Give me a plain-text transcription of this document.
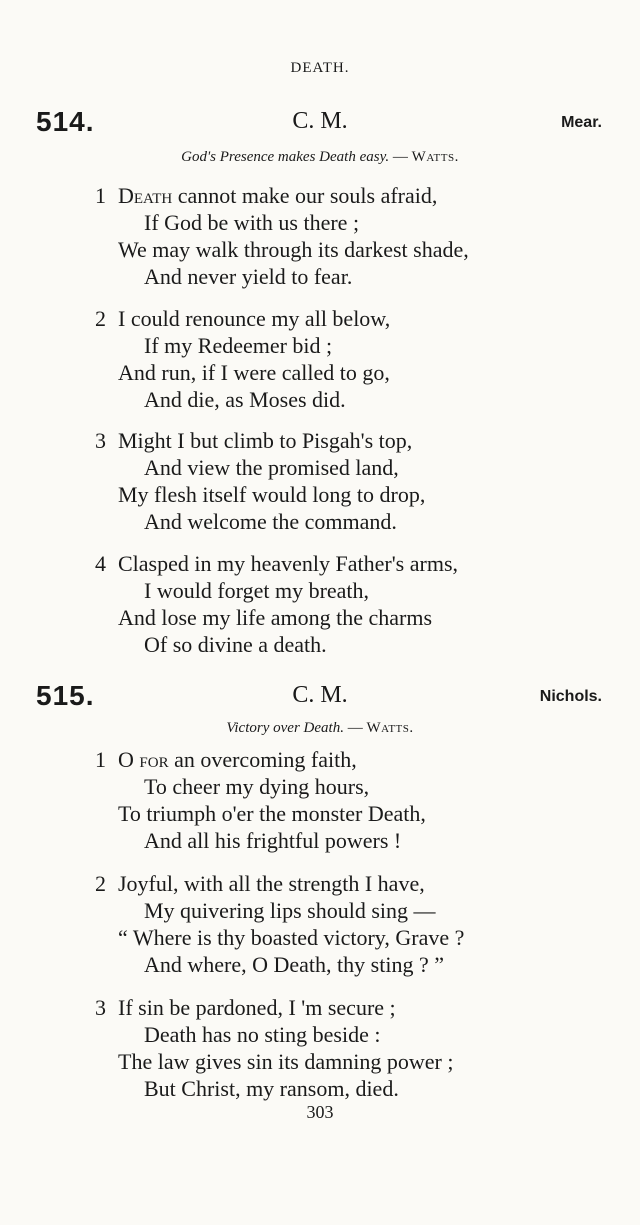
DEATH.
514.	C. M.	Mear.
God's Presence makes Death easy. — Watts.
1 Death cannot make our souls afraid,
If God be with us there ;
We may walk through its darkest shade,
And never yield to fear.
2 I could renounce my all below,
If my Redeemer bid ;
And run, if I were called to go,
And die, as Moses did.
3 Might I but climb to Pisgah's top,
And view the promised land,
My flesh itself would long to drop,
And welcome the command.
4 Clasped in my heavenly Father's arms,
I would forget my breath,
And lose my life among the charms
Of so divine a death.
515.	C. M.	Nichols.
Victory over Death. — Watts.
1 O for an overcoming faith,
To cheer my dying hours,
To triumph o'er the monster Death,
And all his frightful powers !
2 Joyful, with all the strength I have,
My quivering lips should sing —
“ Where is thy boasted victory, Grave ?
And where, O Death, thy sting ? ”
3 If sin be pardoned, I 'm secure ;
Death has no sting beside :
The law gives sin its damning power ;
But Christ, my ransom, died.
303
